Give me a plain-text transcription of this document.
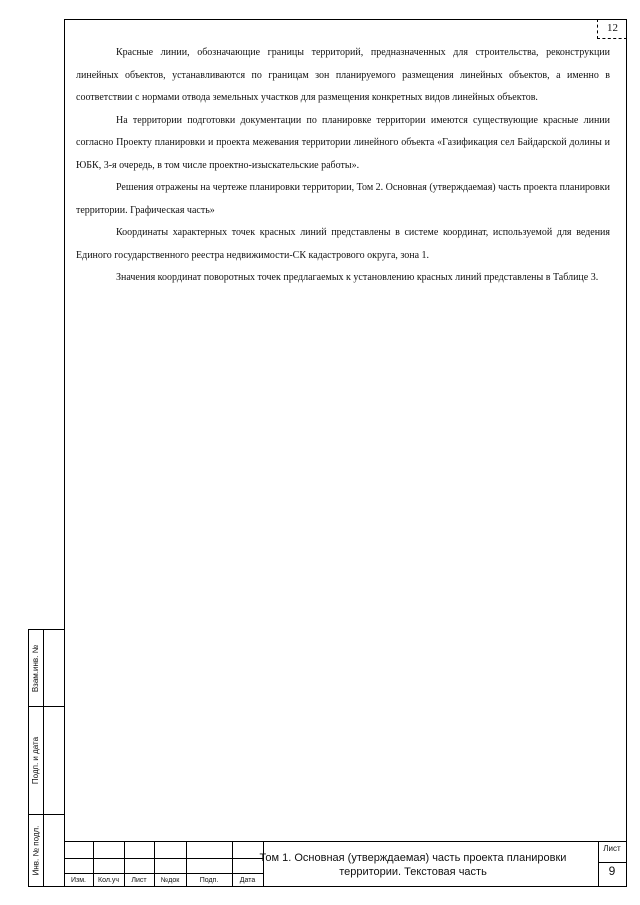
12

Красные линии, обозначающие границы территорий, предназначенных для строительства, реконструкции линейных объектов, устанавливаются по границам зон планируемого размещения линейных объектов, а именно в соответствии с нормами отвода земельных участков для размещения конкретных видов линейных объектов.

На территории подготовки документации по планировке территории имеются существующие красные линии согласно Проекту планировки и проекта межевания территории линейного объекта «Газификация сел Байдарской долины и ЮБК, 3-я очередь, в том числе проектно-изыскательские работы».

Решения отражены на чертеже планировки территории, Том 2. Основная (утверждаемая) часть проекта планировки территории. Графическая часть»

Координаты характерных точек красных линий представлены в системе координат, используемой для ведения Единого государственного реестра недвижимости-СК кадастрового округа, зона 1.

Значения координат поворотных точек предлагаемых к установлению красных линий представлены в Таблице 3.

Взам.инв. №
Подп. и дата
Инв. № подл.
Изм.	Кол.уч	Лист	№док	Подп.	Дата
Том 1. Основная (утверждаемая) часть проекта планировки территории. Текстовая часть
Лист
9
